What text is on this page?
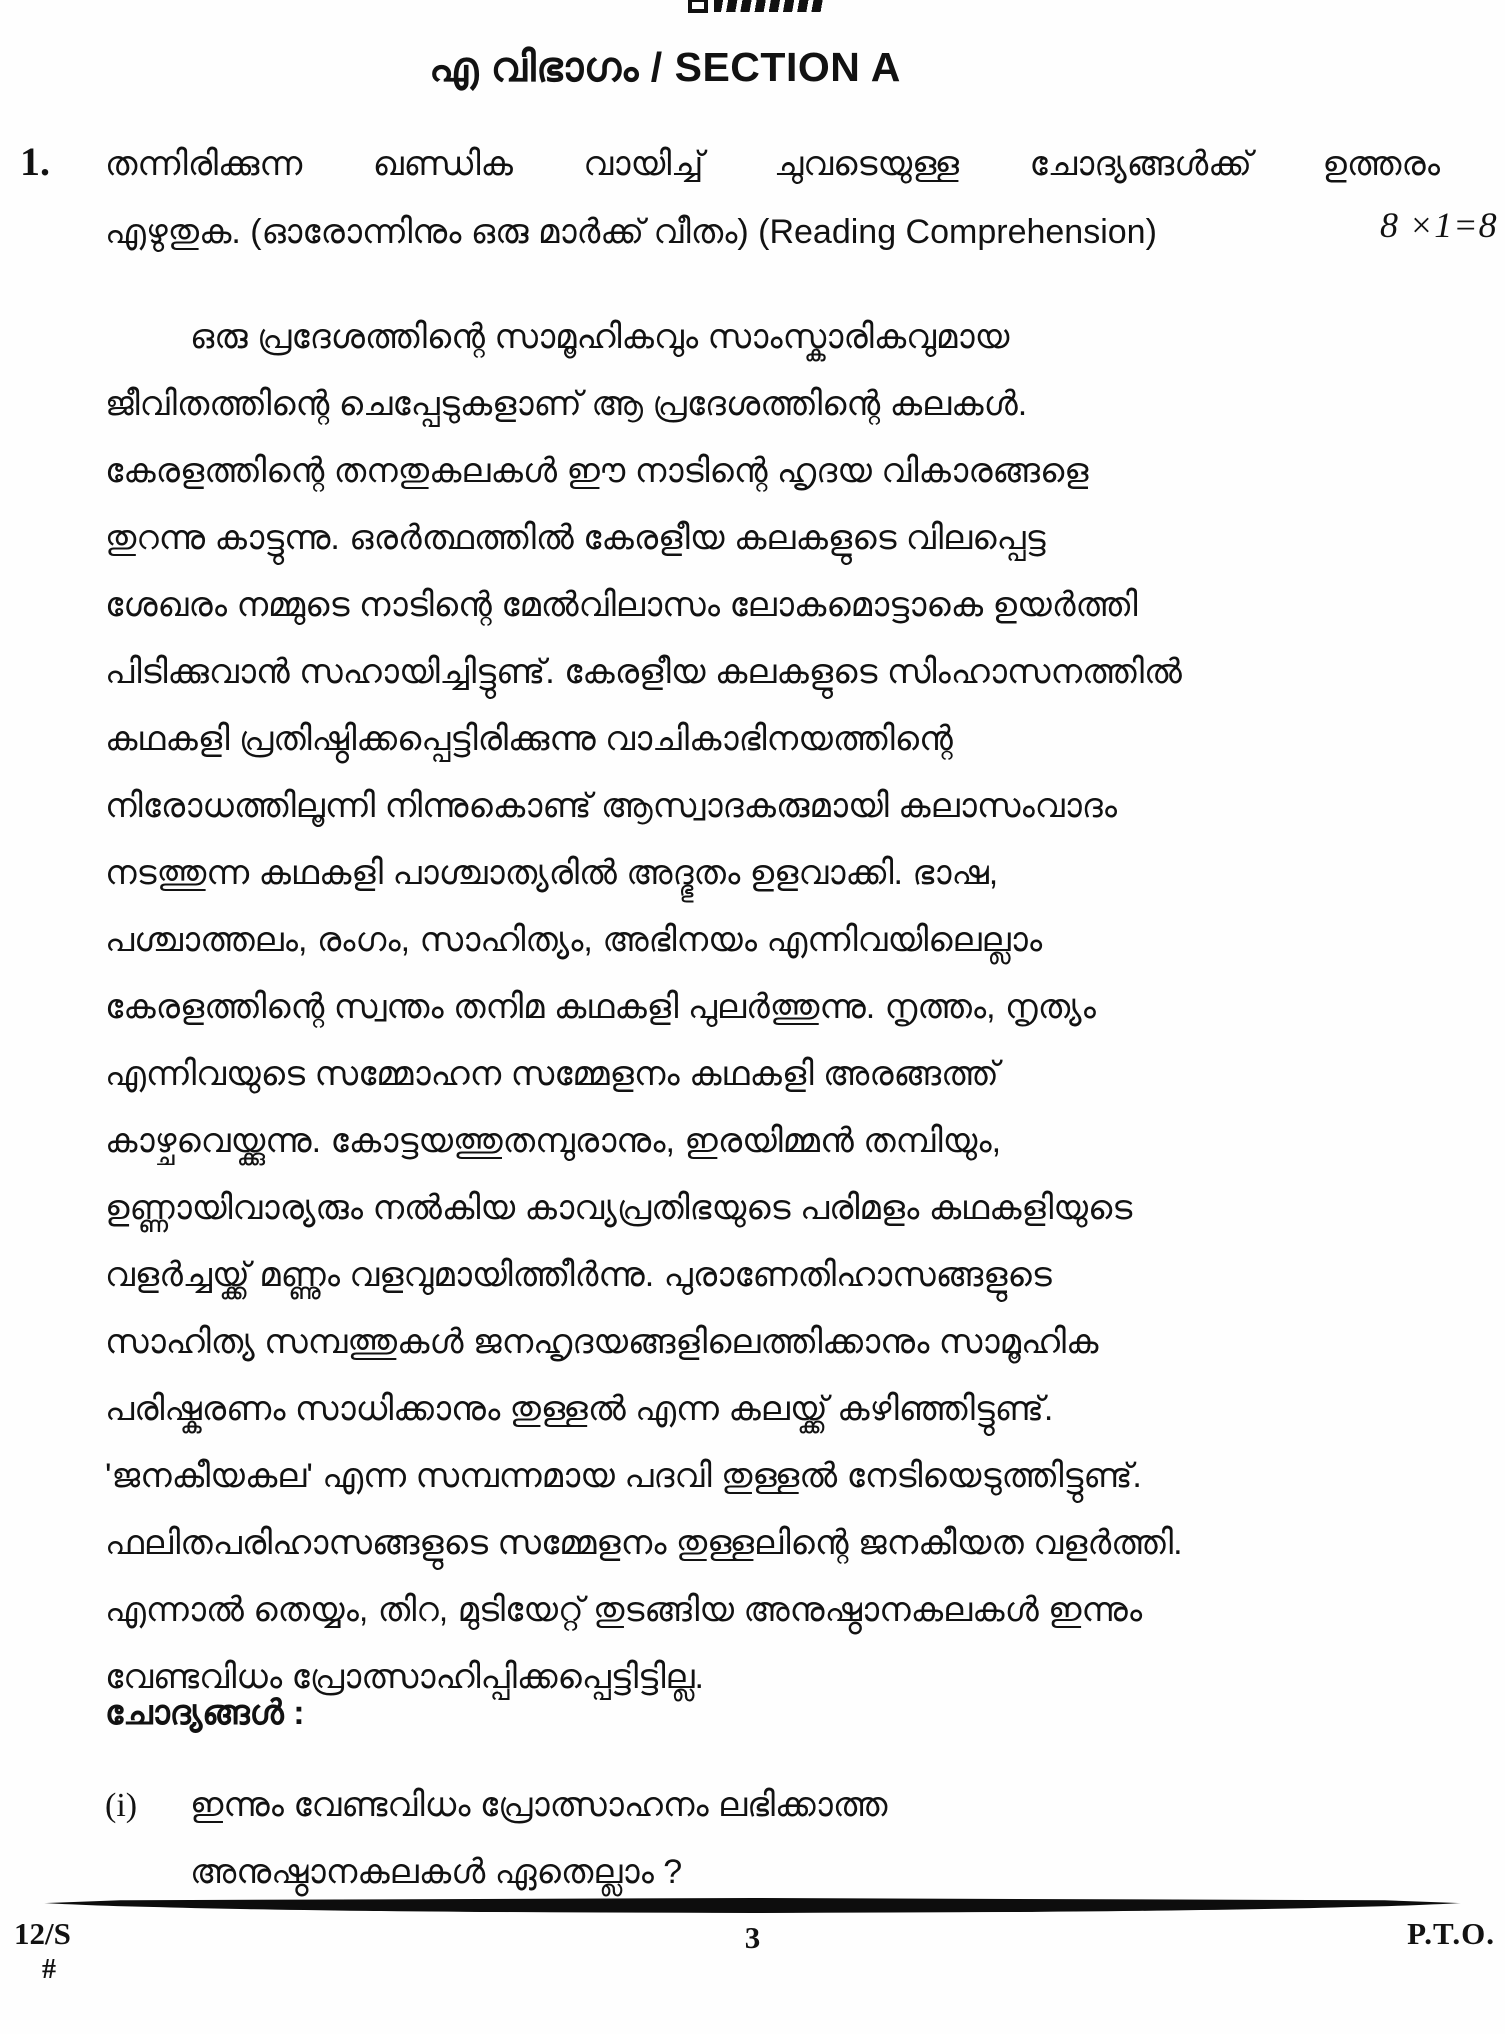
എ വിഭാഗം / SECTION A
1. തന്നിരിക്കുന്ന ഖണ്ഡിക വായിച്ച് ചുവടെയുള്ള ചോദ്യങ്ങൾക്ക് ഉത്തരം
എഴുതുക. (ഓരോന്നിനും ഒരു മാർക്ക് വീതം) (Reading Comprehension)	8 ×1=8
ഒരു പ്രദേശത്തിന്റെ സാമൂഹികവും സാംസ്കാരികവുമായ
ജീവിതത്തിന്റെ ചെപ്പേടുകളാണ് ആ പ്രദേശത്തിന്റെ കലകൾ.
കേരളത്തിന്റെ തനതുകലകൾ ഈ നാടിന്റെ ഹൃദയ വികാരങ്ങളെ
തുറന്നു കാട്ടുന്നു. ഒരർത്ഥത്തിൽ കേരളീയ കലകളുടെ വിലപ്പെട്ട
ശേഖരം നമ്മുടെ നാടിന്റെ മേൽവിലാസം ലോകമൊട്ടാകെ ഉയർത്തി
പിടിക്കുവാൻ സഹായിച്ചിട്ടുണ്ട്. കേരളീയ കലകളുടെ സിംഹാസനത്തിൽ
കഥകളി പ്രതിഷ്ഠിക്കപ്പെട്ടിരിക്കുന്നു വാചികാഭിനയത്തിന്റെ
നിരോധത്തിലൂന്നി നിന്നുകൊണ്ട് ആസ്വാദകരുമായി കലാസംവാദം
നടത്തുന്ന കഥകളി പാശ്ചാത്യരിൽ അദ്ഭുതം ഉളവാക്കി. ഭാഷ,
പശ്ചാത്തലം, രംഗം, സാഹിത്യം, അഭിനയം എന്നിവയിലെല്ലാം
കേരളത്തിന്റെ സ്വന്തം തനിമ കഥകളി പുലർത്തുന്നു. നൃത്തം, നൃത്യം
എന്നിവയുടെ സമ്മോഹന സമ്മേളനം കഥകളി അരങ്ങത്ത്
കാഴ്ചവെയ്ക്കുന്നു. കോട്ടയത്തുതമ്പുരാനും, ഇരയിമ്മൻ തമ്പിയും,
ഉണ്ണായിവാര്യരും നൽകിയ കാവ്യപ്രതിഭയുടെ പരിമളം കഥകളിയുടെ
വളർച്ചയ്ക്ക് മണ്ണും വളവുമായിത്തീർന്നു. പുരാണേതിഹാസങ്ങളുടെ
സാഹിത്യ സമ്പത്തുകൾ ജനഹൃദയങ്ങളിലെത്തിക്കാനും സാമൂഹിക
പരിഷ്കരണം സാധിക്കാനും തുള്ളൽ എന്ന കലയ്ക്ക് കഴിഞ്ഞിട്ടുണ്ട്.
'ജനകീയകല' എന്ന സമ്പന്നമായ പദവി തുള്ളൽ നേടിയെടുത്തിട്ടുണ്ട്.
ഫലിതപരിഹാസങ്ങളുടെ സമ്മേളനം തുള്ളലിന്റെ ജനകീയത വളർത്തി.
എന്നാൽ തെയ്യം, തിറ, മുടിയേറ്റ് തുടങ്ങിയ അനുഷ്ഠാനകലകൾ ഇന്നും
വേണ്ടവിധം പ്രോത്സാഹിപ്പിക്കപ്പെട്ടിട്ടില്ല.
ചോദ്യങ്ങൾ :
(i) ഇന്നും വേണ്ടവിധം പ്രോത്സാഹനം ലഭിക്കാത്ത
അനുഷ്ഠാനകലകൾ ഏതെല്ലാം ?
12/S
#
3	P.T.O.
